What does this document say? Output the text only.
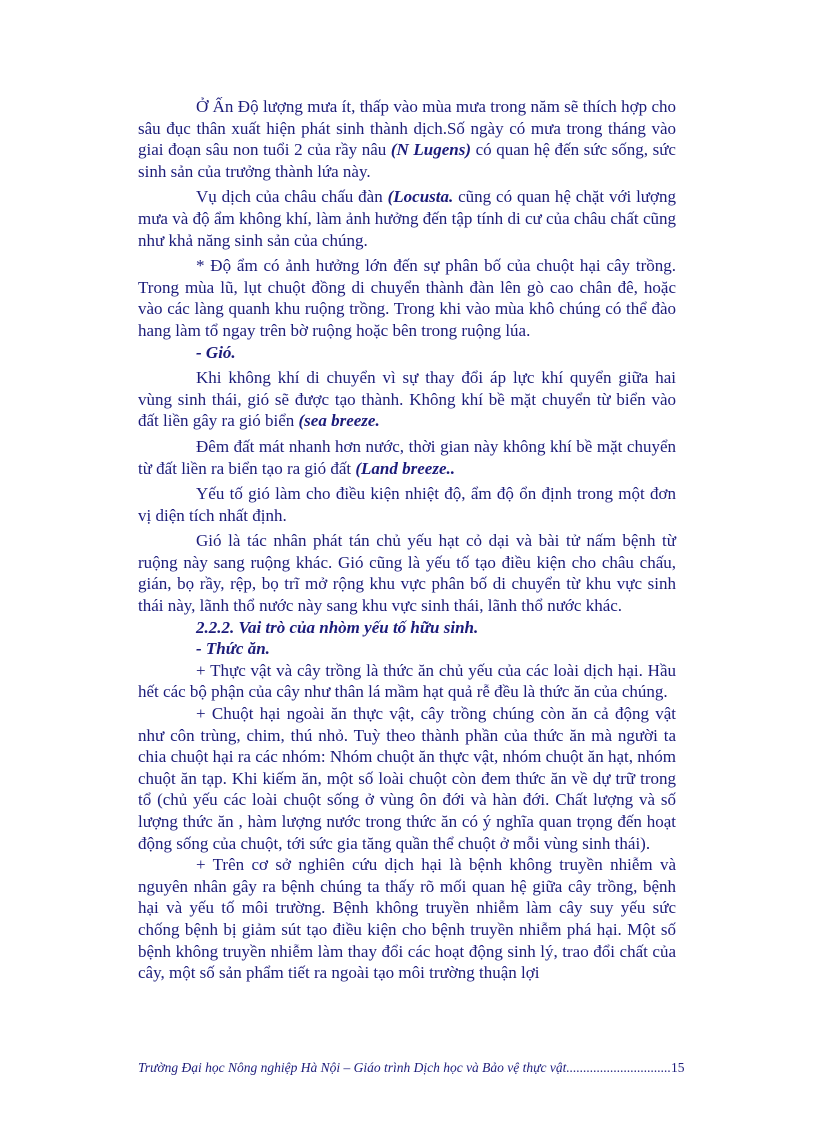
Ở Ấn Độ lượng mưa ít, thấp vào mùa mưa trong năm sẽ thích hợp cho sâu đục thân xuất hiện phát sinh thành dịch.Số ngày có mưa trong tháng vào giai đoạn sâu non tuổi 2 của rầy nâu (N Lugens) có quan hệ đến sức sống, sức sinh sản của trưởng thành lứa này.

Vụ dịch của châu chấu đàn (Locusta. cũng có quan hệ chặt với lượng mưa và độ ẩm không khí, làm ảnh hưởng đến tập tính di cư của châu chất cũng như khả năng sinh sản của chúng.

* Độ ẩm có ảnh hưởng lớn đến sự phân bố của chuột hại cây trồng. Trong mùa lũ, lụt chuột đồng di chuyển thành đàn lên gò cao chân đê, hoặc vào các làng quanh khu ruộng trồng. Trong khi vào mùa khô chúng có thể đào hang làm tổ ngay trên bờ ruộng hoặc bên trong ruộng lúa.

- Gió.

Khi không khí di chuyển vì sự thay đổi áp lực khí quyển giữa hai vùng sinh thái, gió sẽ được tạo thành. Không khí bề mặt chuyển từ biển vào đất liền gây ra gió biển (sea breeze.

Đêm đất mát nhanh hơn nước, thời gian này không khí bề mặt chuyển từ đất liền ra biển tạo ra gió đất (Land breeze..

Yếu tố gió làm cho điều kiện nhiệt độ, ẩm độ ổn định trong một đơn vị diện tích nhất định.

Gió là tác nhân phát tán chủ yếu hạt cỏ dại và bài tử nấm bệnh từ ruộng này sang ruộng khác. Gió cũng là yếu tố tạo điều kiện cho châu chấu, gián, bọ rầy, rệp, bọ trĩ mở rộng khu vực phân bố di chuyển từ khu vực sinh thái này, lãnh thổ nước này sang khu vực sinh thái, lãnh thổ nước khác.

2.2.2. Vai trò của nhòm yếu tố hữu sinh.

- Thức ăn.

+ Thực vật và cây trồng là thức ăn chủ yếu của các loài dịch hại. Hầu hết các bộ phận của cây như thân lá mầm hạt quả rễ đều là thức ăn của chúng.

+ Chuột hại ngoài ăn thực vật, cây trồng chúng còn ăn cả động vật như côn trùng, chim, thú nhỏ. Tuỳ theo thành phần của thức ăn mà người ta chia chuột hại ra các nhóm: Nhóm chuột ăn thực vật, nhóm chuột ăn hạt, nhóm chuột ăn tạp. Khi kiếm ăn, một số loài chuột còn đem thức ăn về dự trữ trong tổ (chủ yếu các loài chuột sống ở vùng ôn đới và hàn đới. Chất lượng và số lượng thức ăn , hàm lượng nước trong thức ăn có ý nghĩa quan trọng đến hoạt động sống của chuột, tới sức gia tăng quần thể chuột ở mỗi vùng sinh thái).

+ Trên cơ sở nghiên cứu dịch hại là bệnh không truyền nhiễm và nguyên nhân gây ra bệnh chúng ta thấy rõ mối quan hệ giữa cây trồng, bệnh hại và yếu tố môi trường. Bệnh không truyền nhiễm làm cây suy yếu sức chống bệnh bị giảm sút tạo điều kiện cho bệnh truyền nhiễm phá hại. Một số bệnh không truyền nhiễm làm thay đổi các hoạt động sinh lý, trao đổi chất của cây, một số sản phẩm tiết ra ngoài tạo môi trường thuận lợi

Trường Đại học Nông nghiệp Hà Nội – Giáo trình Dịch học và Bảo vệ thực vật...............................15
